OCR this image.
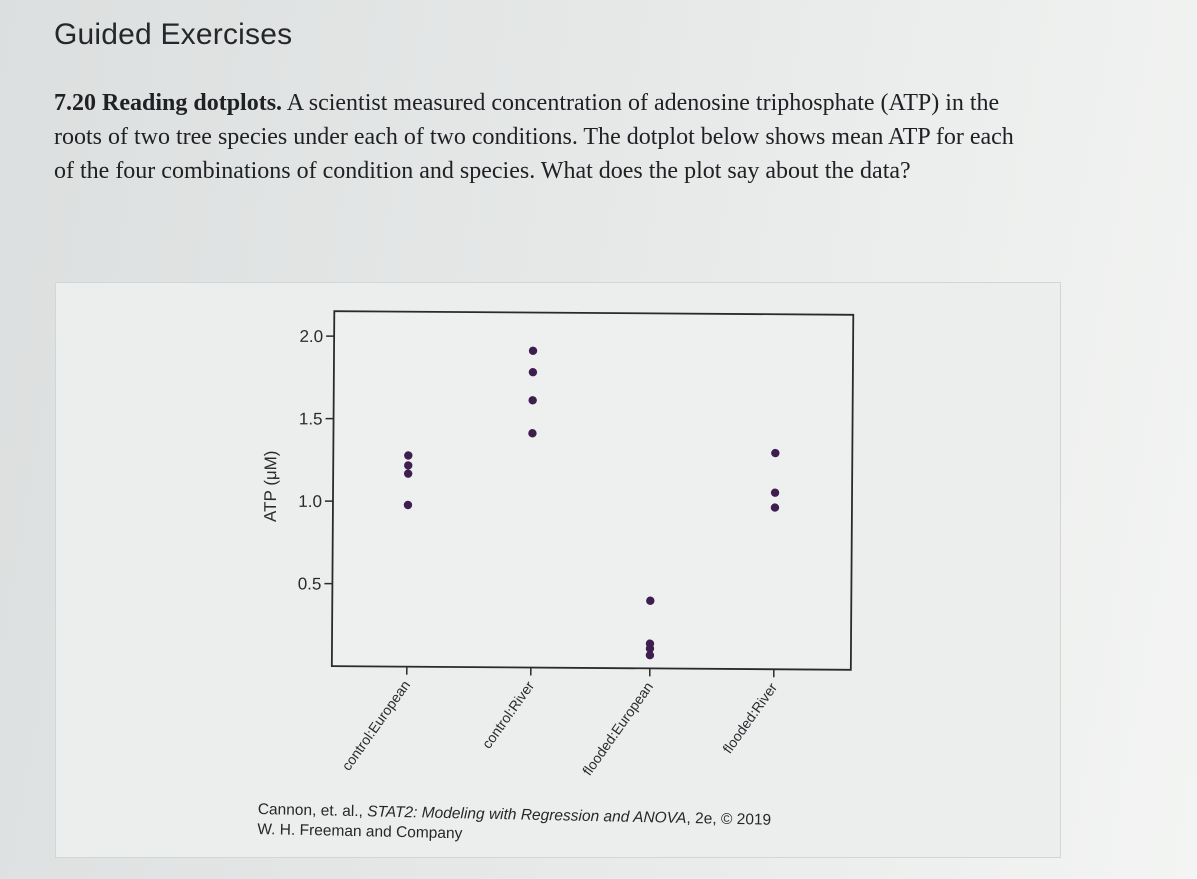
Guided Exercises
7.20 Reading dotplots. A scientist measured concentration of adenosine triphosphate (ATP) in the roots of two tree species under each of two conditions. The dotplot below shows mean ATP for each of the four combinations of condition and species. What does the plot say about the data?
0.5
1.0
1.5
2.0
ATP (μM)
control:European	control:River	flooded:European	flooded:River
Cannon, et. al., STAT2: Modeling with Regression and ANOVA, 2e, © 2019
W. H. Freeman and Company
